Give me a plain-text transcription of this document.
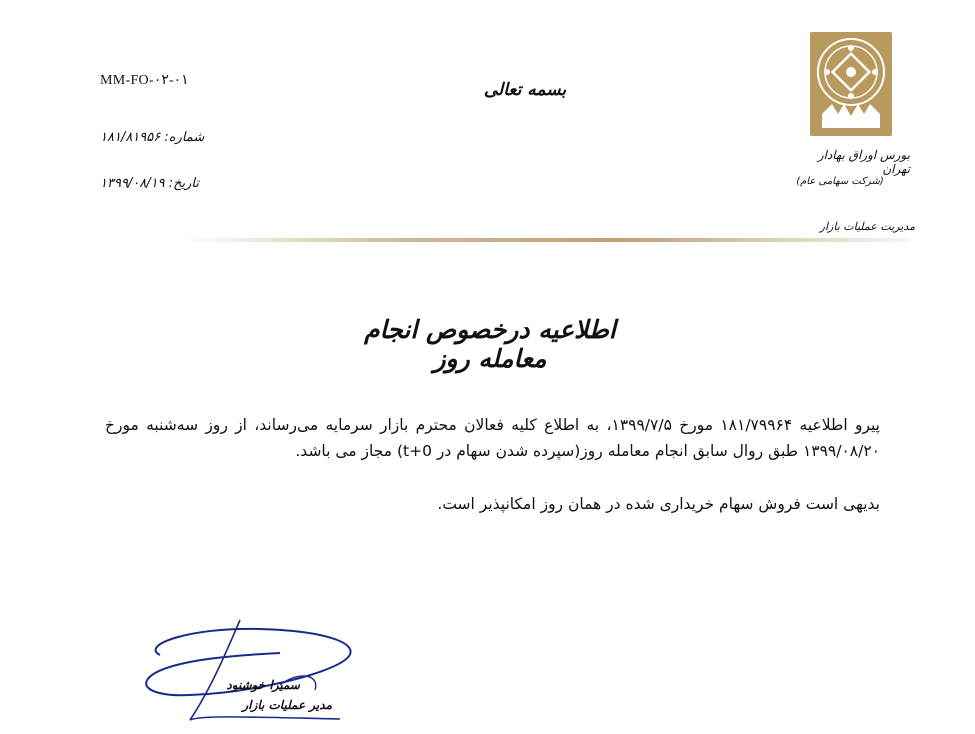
MM-FO-۰۲-۰۱
شماره: ۱۸۱/۸۱۹۵۶
تاریخ: ۱۳۹۹/۰۸/۱۹
بسمه تعالی
بورس اوراق بهادار تهران
(شرکت سهامی عام)
مدیریت عملیات بازار
اطلاعیه درخصوص انجام معامله روز

پیرو اطلاعیه ۱۸۱/۷۹۹۶۴ مورخ ۱۳۹۹/۷/۵، به اطلاع کلیه فعالان محترم بازار سرمایه می‌رساند، از روز سه‌شنبه مورخ ۱۳۹۹/۰۸/۲۰ طبق روال سابق انجام معامله روز(سپرده شدن سهام در t+0) مجاز می باشد.

بدیهی است فروش سهام خریداری شده در همان روز امکانپذیر است.

سمیرا خوشنود
مدیر عملیات بازار
